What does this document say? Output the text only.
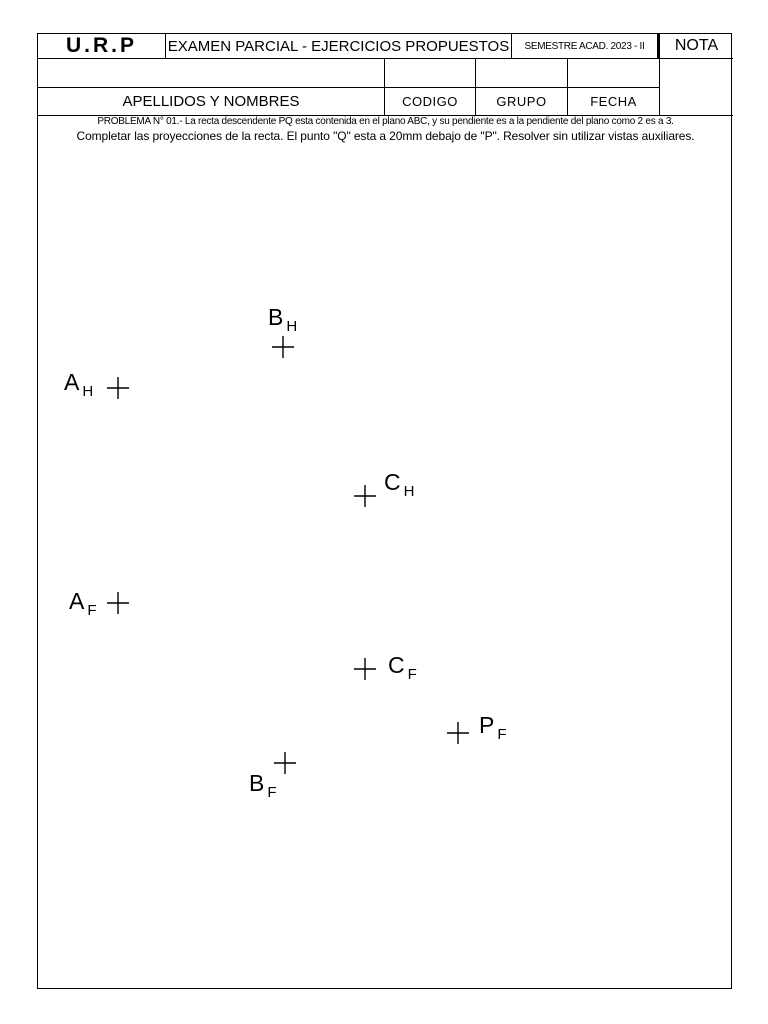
U.R.P	EXAMEN PARCIAL - EJERCICIOS PROPUESTOS	SEMESTRE ACAD. 2023 - II	NOTA
APELLIDOS Y NOMBRES	CODIGO	GRUPO	FECHA
PROBLEMA N° 01.- La recta descendente PQ esta contenida en el plano ABC, y su pendiente es a la pendiente del plano como 2 es a 3.
Completar las proyecciones de la recta. El punto "Q" esta a 20mm debajo de "P". Resolver sin utilizar vistas auxiliares.
B H
A H
C H
A F
C F
P F
B F
